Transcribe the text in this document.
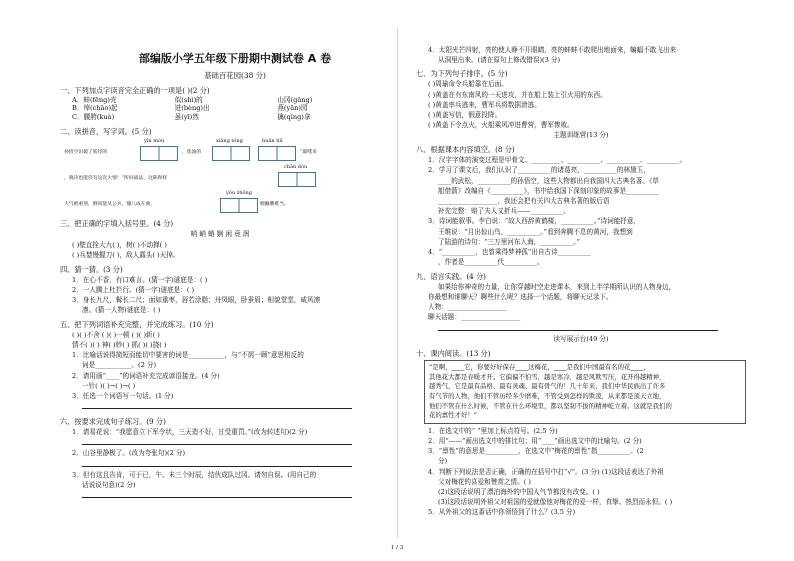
部编版小学五年级下册期中测试卷 A 卷
基础百花园(38 分)
一、下列加点字读音完全正确的一项是( )(2 分)
A．蚌(fēng)壳	似(shì)的	山冈(gāng)
B．绰(chāo)起	迸(bèng)出	燕(yān)园
C．腰胯(kuà)	虽(yī)然	擒(qíng)拿
二、读拼音，写字词。(5 分)
孙悟空识破了妖怪的
yīn móu
，焦油的
xiāng tóng	huān hū
“耶噗来
，晓诀也能沒有这次大情！”所回战法，这陈和样
chǎn dòu
大气被重刻，倒同能从公兵，储八成在曲，
yōu zhōng
她腼腆难当。
三、把正确的字填入括号里。(4 分)
哨 峭 蛸 娴 闲 竟 润
( )壁直拴大九( )，树( )不动掸( )
( )兵婪慢握刀( )，敌人露头( )天掉。
四、猜一猜。(3 分)
1．在心不香，有口难言。(猜一字)谜底是：( )
2．一人腾上杜拦行。(猜一字)谜底是：( )
3．身长九尺，髯长二尺；面如重枣，唇若涂脂；丹凤眼，卧蚕眉；相貌堂堂，威风凛
凛。(猜一人物)谜底是：( )
五、把下列词语补充完整，并完成练习。(10 分)
( )( )不舍 ( )( )一顿 ( )( )斩( )
情不( )( ) 神( )妙( ) 抓( )( )挠( )
1．比喻话说得简短而能切中要害的词是___________，与“不屑一顾”意思相反的
词是___________。(2 分)
2．请用画“____”的词语补充完成谚语接龙。(4 分)
一针( )( )→( )→( )
3．任选一个词语写一句话。(1 分)
六、按要求完成句子练习。(9 分)
1．请易花说：“我愿意立下军令状，三天造不好，甘受重罚。”(改为转述句)(2 分)
2．山谷里静极了。(改为夸张句)(2 分)
3．但有这且告肯，可于已，午、未三个时辰，结伙成队过冈。请勿自误。(用自己的
话说说句意)(2 分)
4．太阳光芒四射，亮的使人睁不开眼睛，亮的蚌蚌不敢爬出地面来，蝙蝠不敢飞出来
从洞里出来。(请在原句上修改错误)(3 分)
七、为下列句子排序。(5 分)
( )周瑜命令兵船靠在后面。
( )黄盖在有东南风的一天进攻，并在船上装上引火用的东西。
( )黄盖率兵逃来，曹军兵将数据溃逃。
( )黄盖写信，假意投降。
( )黄盖下令点火，火船乘风冲进曹营，曹军惨败。
主题训练营(13 分)
八、根据课本内容填空。(8 分)
1．汉字字体的演变过程是甲骨文、_________、__________、__________、__________。
2．学习了课文后，我们认识了__________的诸葛亮，__________的林黛玉，
____的武松，__________的孙悟空，这些人物都出自我国四大古典名著。《草
船借箭》改编自《__________》，书中给我国下深刻印象的故事是__________
__________________，我还会把有关四大古典名著的版后语
补充完整：赔了夫人又折兵——__________。
3．诗词能叙事。李白说：“故人西辞黄鹤楼，__________。”诗词能抒意，
王维说：“月出惊山鸟，__________。”看到奔腾不息的黄河，我想到
了陆游的诗句：“三万里河东入海，__________。”
4．“__________，也曾乘得梦神孤”出自古诗__________
，作者是__________代__________。
九、语言实践。(4 分)
如果给你神奇的力量，让你穿越时空走进课本，来到上半学期所认识的人物身边，
你最想和谁聊天？聊些什么呢？选择一个话题，将聊天记录下。
人物：__________________
聊天话题：__________________
读写展示台(49 分)
十、课内阅读。(13 分)
“是啊，____它，你要好好保存____这梅花，____是我们中国最有名的花____，
其他花大都是春暖才开。它偏偏不怕雪，越是寒冷，越是风欺雪压，花开得越精神，
越秀气，它是最有品格、最有灵魂、最有骨气的！几十年来，我们中华民族出了许多
有气节的人物，他们不管历经多少磨难，不管受到怎样的欺凌，从来都是顶天立地，
他们不管在什么时候，不管在什么环境里，都以坚韧不拔的精神屹立着。这就是我们的
花的禀性才好！”
1．在选文中的“ ”里加上标点符号。(2.5 分)
2．用“——”画出选文中的排比句；用“____”画出选文中的比喻句。(2 分)
3．“禀性”的意思是__________，在选文中“梅花的禀性”指__________。(2
分)
4．判断下列说法是否正确，正确的在括号中打“√”。(3 分) (1)这段话表达了外祖
父对梅花的喜爱和赞赏之情。( )
(2)这段话说明了漂泊海外的中国人气节都没有改变。( )
(3)这段话说明外祖父对祖国的爱就像他对梅花的爱一样，真挚、热烈而永恒。( )
5．从外祖父的这番话中你领悟到了什么？(3.5 分)
1 / 3
